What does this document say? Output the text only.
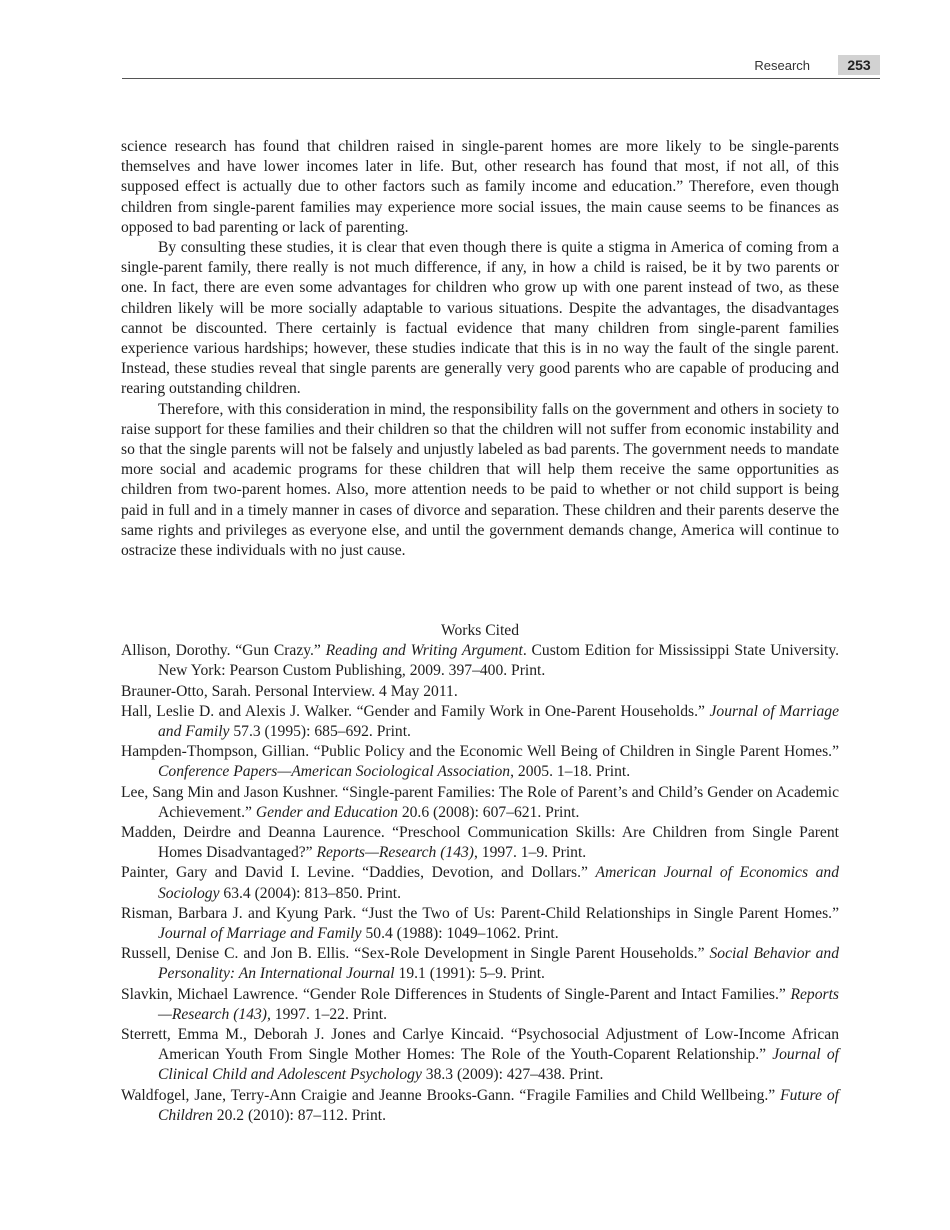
Research	253

science research has found that children raised in single-parent homes are more likely to be single-parents themselves and have lower incomes later in life. But, other research has found that most, if not all, of this supposed effect is actually due to other factors such as family income and education.” Therefore, even though children from single-parent families may experience more social issues, the main cause seems to be finances as opposed to bad parenting or lack of parenting.

By consulting these studies, it is clear that even though there is quite a stigma in America of coming from a single-parent family, there really is not much difference, if any, in how a child is raised, be it by two parents or one. In fact, there are even some advantages for children who grow up with one parent instead of two, as these children likely will be more socially adaptable to various situations. Despite the advantages, the disadvantages cannot be discounted. There certainly is factual evidence that many children from single-parent families experience various hardships; however, these studies indicate that this is in no way the fault of the single parent. Instead, these studies reveal that single parents are generally very good parents who are capable of producing and rearing outstanding children.

Therefore, with this consideration in mind, the responsibility falls on the government and others in society to raise support for these families and their children so that the children will not suffer from economic instability and so that the single parents will not be falsely and unjustly labeled as bad parents. The government needs to mandate more social and academic programs for these children that will help them receive the same opportunities as children from two-parent homes. Also, more attention needs to be paid to whether or not child support is being paid in full and in a timely manner in cases of divorce and separation. These children and their parents deserve the same rights and privileges as everyone else, and until the government demands change, America will continue to ostracize these individuals with no just cause.

Works Cited

Allison, Dorothy. “Gun Crazy.” Reading and Writing Argument. Custom Edition for Mississippi State University. New York: Pearson Custom Publishing, 2009. 397–400. Print.

Brauner-Otto, Sarah. Personal Interview. 4 May 2011.

Hall, Leslie D. and Alexis J. Walker. “Gender and Family Work in One-Parent Households.” Journal of Marriage and Family 57.3 (1995): 685–692. Print.

Hampden-Thompson, Gillian. “Public Policy and the Economic Well Being of Children in Single Parent Homes.” Conference Papers—American Sociological Association, 2005. 1–18. Print.

Lee, Sang Min and Jason Kushner. “Single-parent Families: The Role of Parent’s and Child’s Gender on Academic Achievement.” Gender and Education 20.6 (2008): 607–621. Print.

Madden, Deirdre and Deanna Laurence. “Preschool Communication Skills: Are Children from Single Parent Homes Disadvantaged?” Reports—Research (143), 1997. 1–9. Print.

Painter, Gary and David I. Levine. “Daddies, Devotion, and Dollars.” American Journal of Economics and Sociology 63.4 (2004): 813–850. Print.

Risman, Barbara J. and Kyung Park. “Just the Two of Us: Parent-Child Relationships in Single Parent Homes.” Journal of Marriage and Family 50.4 (1988): 1049–1062. Print.

Russell, Denise C. and Jon B. Ellis. “Sex-Role Development in Single Parent Households.” Social Behavior and Personality: An International Journal 19.1 (1991): 5–9. Print.

Slavkin, Michael Lawrence. “Gender Role Differences in Students of Single-Parent and Intact Families.” Reports—Research (143), 1997. 1–22. Print.

Sterrett, Emma M., Deborah J. Jones and Carlye Kincaid. “Psychosocial Adjustment of Low-Income African American Youth From Single Mother Homes: The Role of the Youth-Coparent Relationship.” Journal of Clinical Child and Adolescent Psychology 38.3 (2009): 427–438. Print.

Waldfogel, Jane, Terry-Ann Craigie and Jeanne Brooks-Gann. “Fragile Families and Child Wellbeing.” Future of Children 20.2 (2010): 87–112. Print.
